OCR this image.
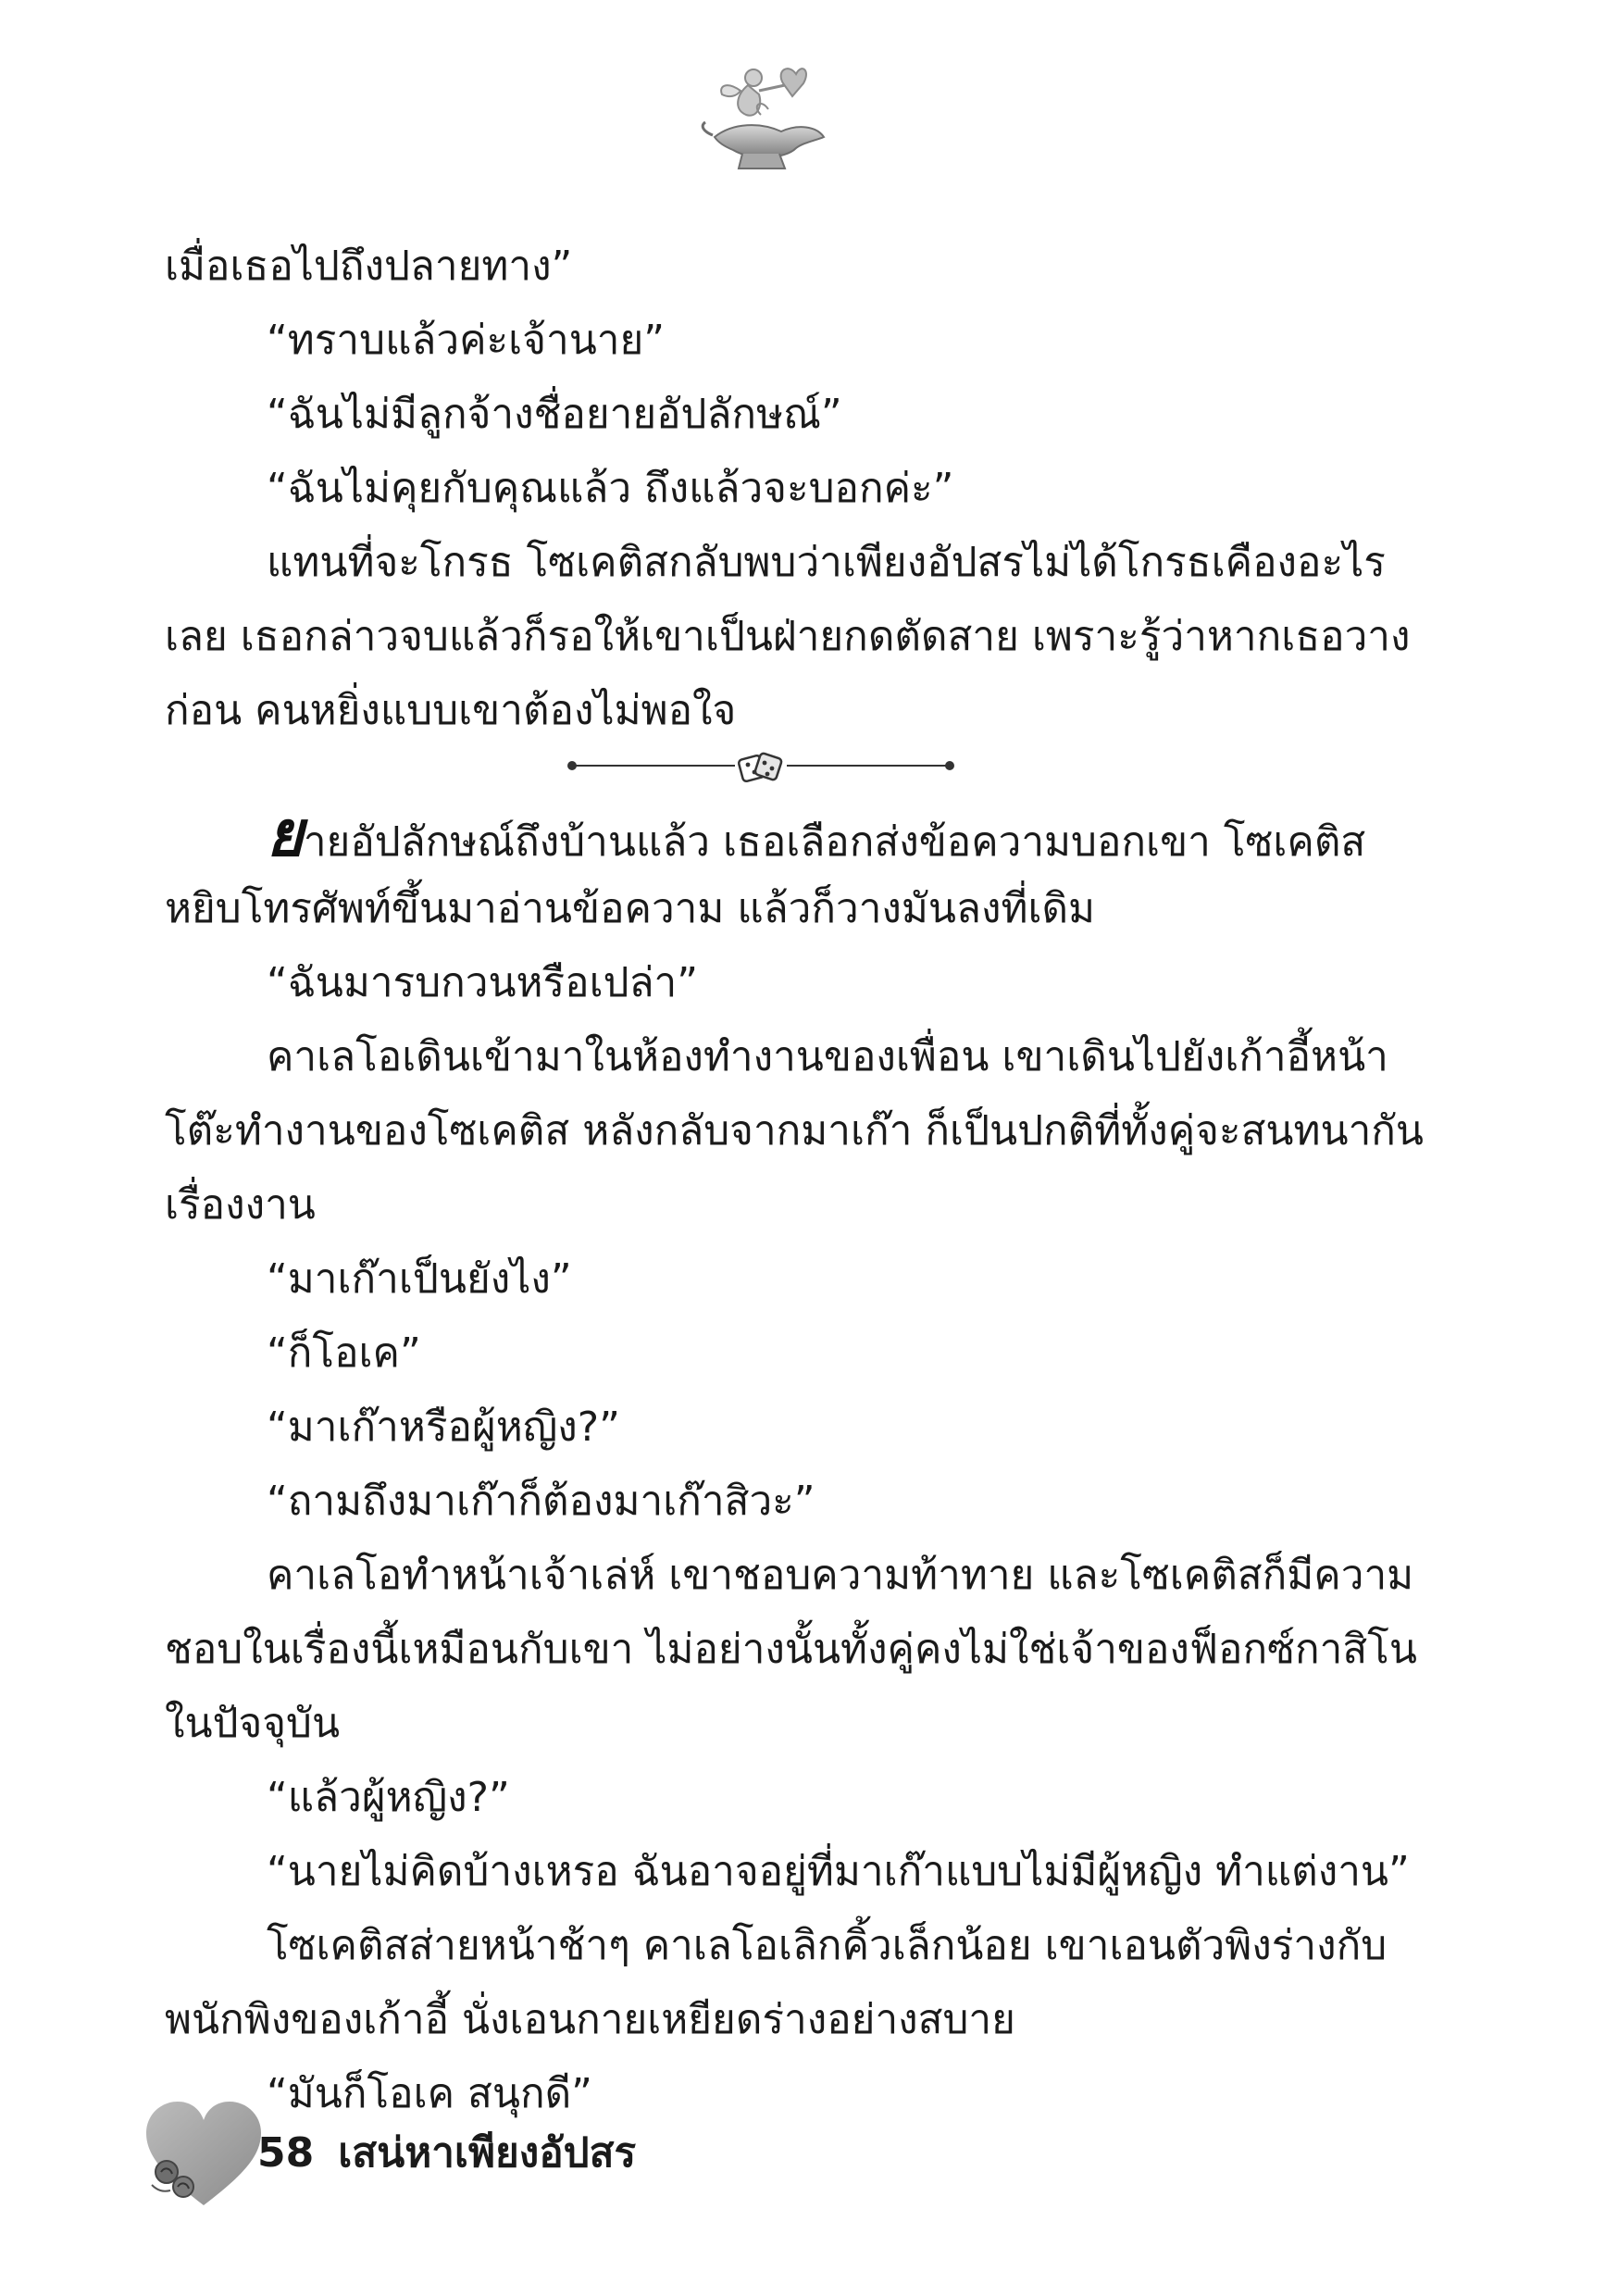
เมื่อเธอไปถึงปลายทาง”
“ทราบแล้วค่ะเจ้านาย”
“ฉันไม่มีลูกจ้างชื่อยายอัปลักษณ์”
“ฉันไม่คุยกับคุณแล้ว ถึงแล้วจะบอกค่ะ”
แทนที่จะโกรธ โซเคติสกลับพบว่าเพียงอัปสรไม่ได้โกรธเคืองอะไร
เลย เธอกล่าวจบแล้วก็รอให้เขาเป็นฝ่ายกดตัดสาย เพราะรู้ว่าหากเธอวาง
ก่อน คนหยิ่งแบบเขาต้องไม่พอใจ
ยายอัปลักษณ์ถึงบ้านแล้ว เธอเลือกส่งข้อความบอกเขา โซเคติส
หยิบโทรศัพท์ขึ้นมาอ่านข้อความ แล้วก็วางมันลงที่เดิม
“ฉันมารบกวนหรือเปล่า”
คาเลโอเดินเข้ามาในห้องทำงานของเพื่อน เขาเดินไปยังเก้าอี้หน้า
โต๊ะทำงานของโซเคติส หลังกลับจากมาเก๊า ก็เป็นปกติที่ทั้งคู่จะสนทนากัน
เรื่องงาน
“มาเก๊าเป็นยังไง”
“ก็โอเค”
“มาเก๊าหรือผู้หญิง?”
“ถามถึงมาเก๊าก็ต้องมาเก๊าสิวะ”
คาเลโอทำหน้าเจ้าเล่ห์ เขาชอบความท้าทาย และโซเคติสก็มีความ
ชอบในเรื่องนี้เหมือนกับเขา ไม่อย่างนั้นทั้งคู่คงไม่ใช่เจ้าของฟ็อกซ์กาสิโน
ในปัจจุบัน
“แล้วผู้หญิง?”
“นายไม่คิดบ้างเหรอ ฉันอาจอยู่ที่มาเก๊าแบบไม่มีผู้หญิง ทำแต่งาน”
โซเคติสส่ายหน้าช้าๆ คาเลโอเลิกคิ้วเล็กน้อย เขาเอนตัวพิงร่างกับ
พนักพิงของเก้าอี้ นั่งเอนกายเหยียดร่างอย่างสบาย
“มันก็โอเค สนุกดี”
58 เสน่หาเพียงอัปสร
